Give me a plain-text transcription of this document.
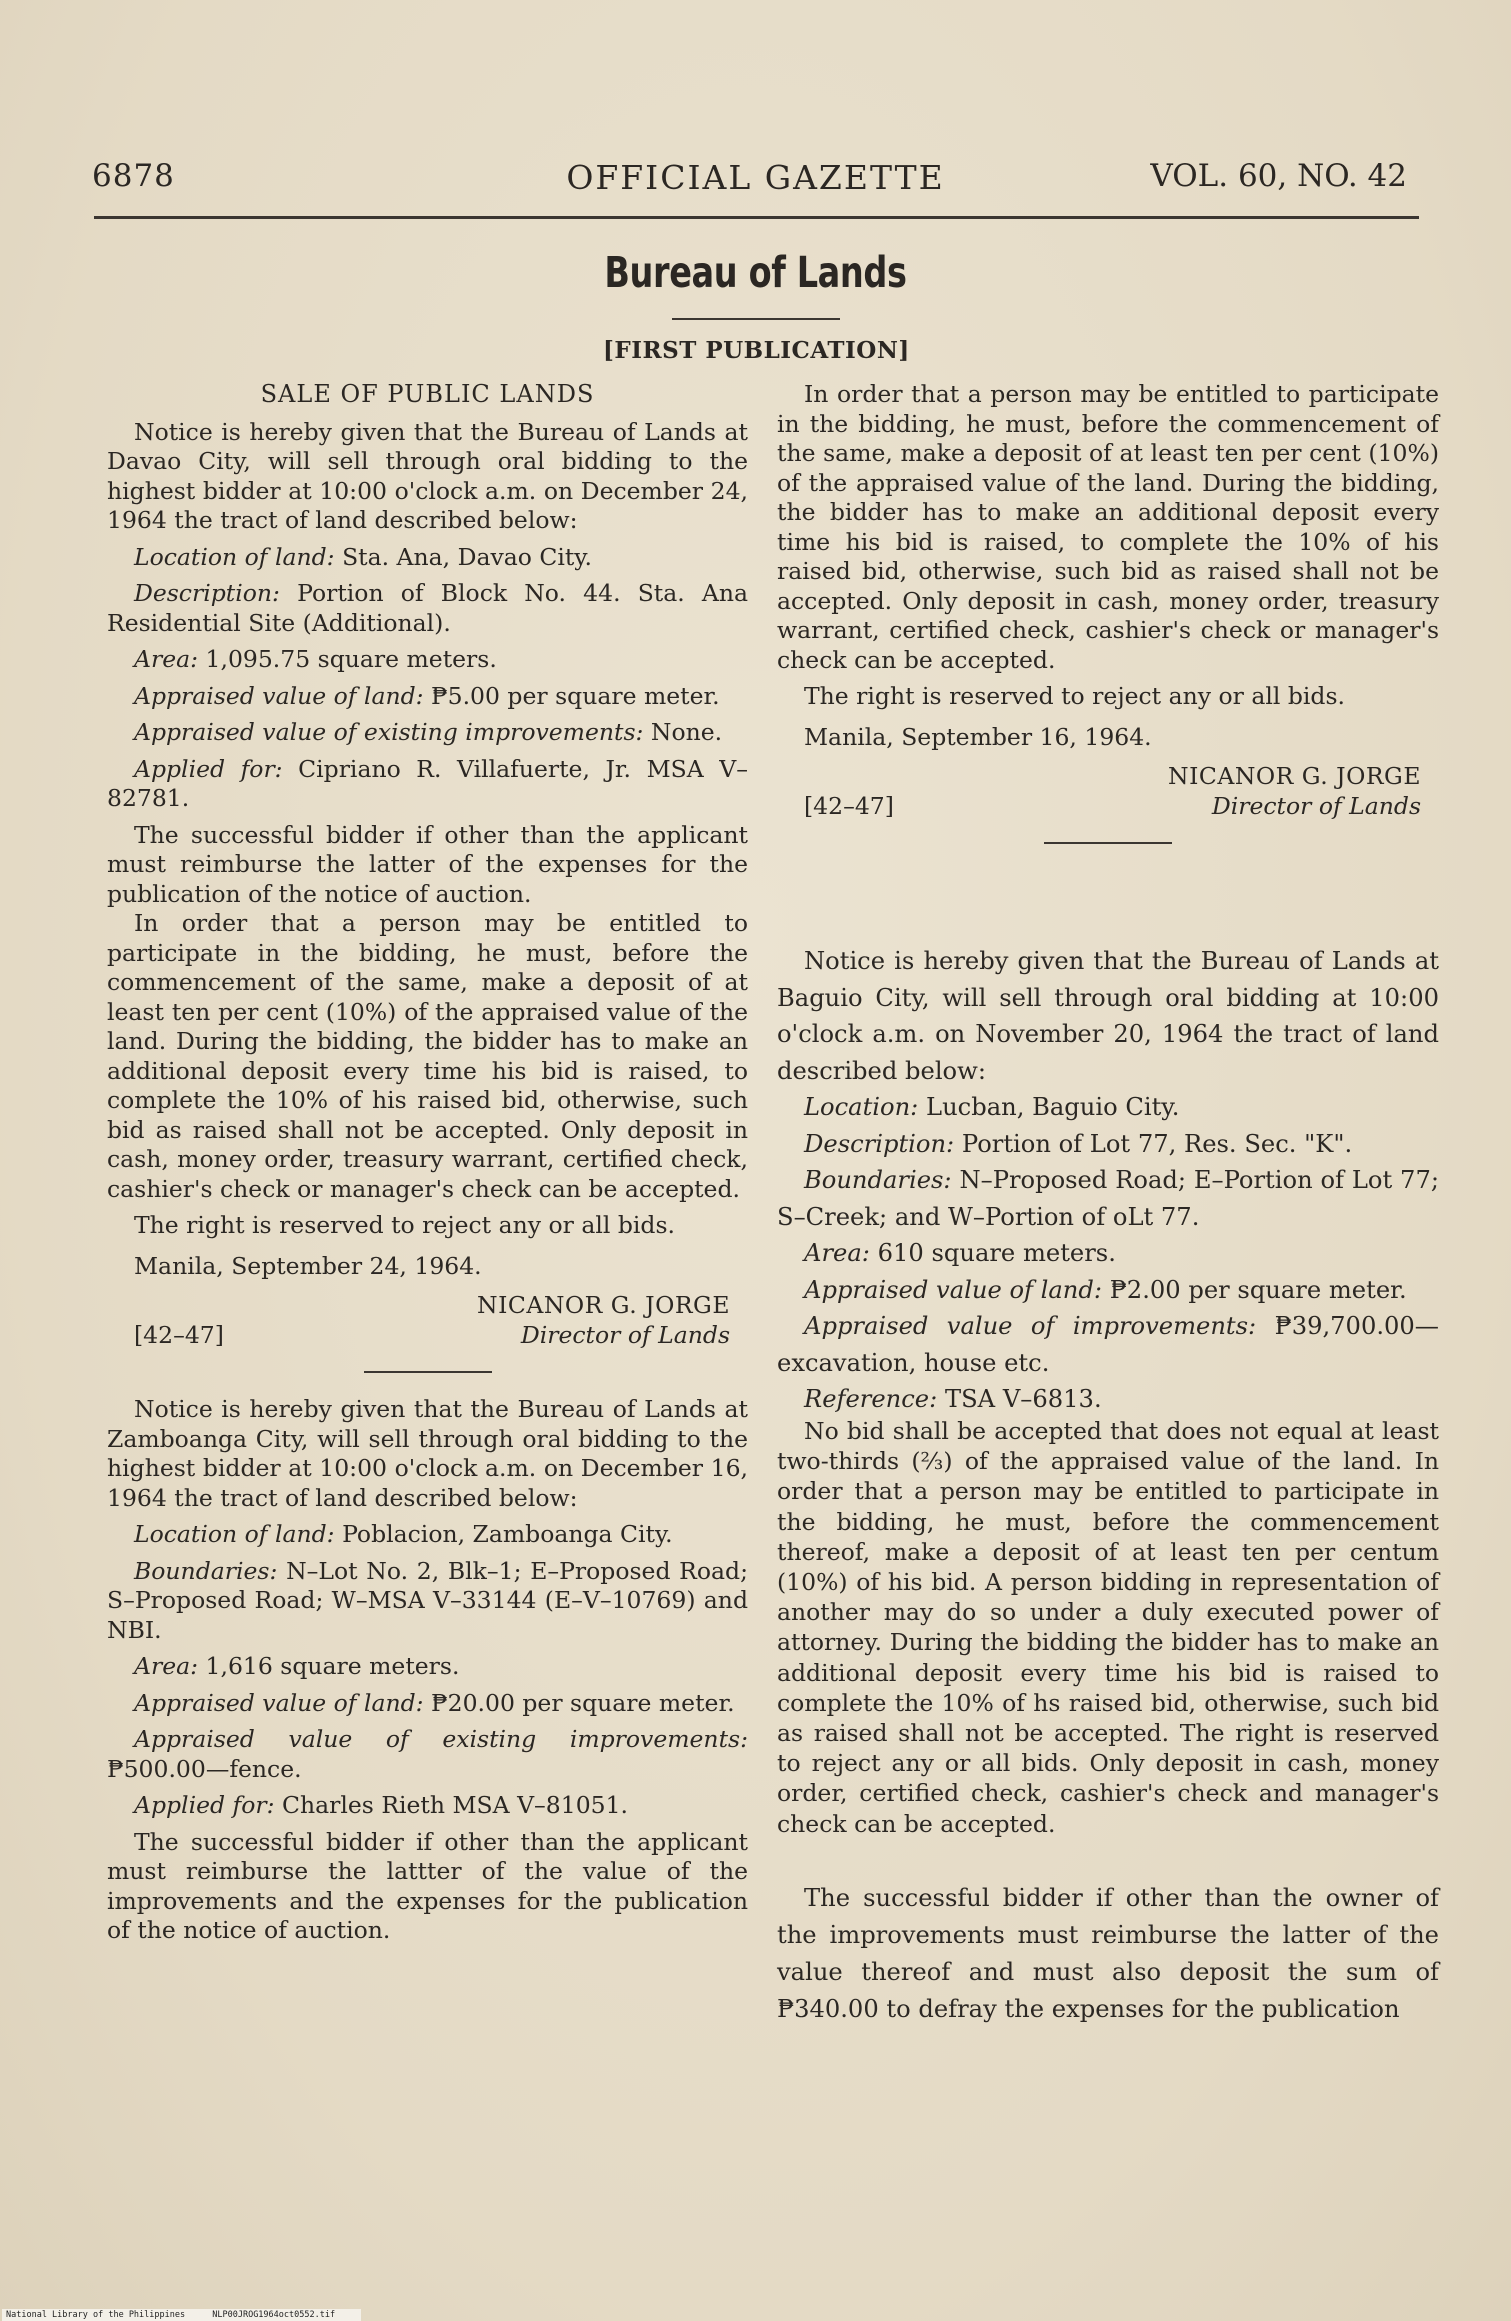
6878	OFFICIAL GAZETTE	VOL. 60, NO. 42
Bureau of Lands
[FIRST PUBLICATION]

SALE OF PUBLIC LANDS

Notice is hereby given that the Bureau of Lands at Davao City, will sell through oral bidding to the highest bidder at 10:00 o'clock a.m. on December 24, 1964 the tract of land described below:

Location of land: Sta. Ana, Davao City.

Description: Portion of Block No. 44. Sta. Ana Residential Site (Additional).

Area: 1,095.75 square meters.

Appraised value of land: ₱5.00 per square meter.

Appraised value of existing improvements: None.

Applied for: Cipriano R. Villafuerte, Jr. MSA V–82781.

The successful bidder if other than the applicant must reimburse the latter of the expenses for the publication of the notice of auction.

In order that a person may be entitled to participate in the bidding, he must, before the commencement of the same, make a deposit of at least ten per cent (10%) of the appraised value of the land. During the bidding, the bidder has to make an additional deposit every time his bid is raised, to complete the 10% of his raised bid, otherwise, such bid as raised shall not be accepted. Only deposit in cash, money order, treasury warrant, certified check, cashier's check or manager's check can be accepted.

The right is reserved to reject any or all bids.

Manila, September 24, 1964.

[42–47]
NICANOR G. JORGE
Director of Lands

Notice is hereby given that the Bureau of Lands at Zamboanga City, will sell through oral bidding to the highest bidder at 10:00 o'clock a.m. on December 16, 1964 the tract of land described below:

Location of land: Poblacion, Zamboanga City.

Boundaries: N–Lot No. 2, Blk–1; E–Proposed Road; S–Proposed Road; W–MSA V–33144 (E–V–10769) and NBI.

Area: 1,616 square meters.

Appraised value of land: ₱20.00 per square meter.

Appraised value of existing improvements: ₱500.00—fence.

Applied for: Charles Rieth MSA V–81051.

The successful bidder if other than the applicant must reimburse the lattter of the value of the improvements and the expenses for the publication of the notice of auction.

In order that a person may be entitled to participate in the bidding, he must, before the commencement of the same, make a deposit of at least ten per cent (10%) of the appraised value of the land. During the bidding, the bidder has to make an additional deposit every time his bid is raised, to complete the 10% of his raised bid, otherwise, such bid as raised shall not be accepted. Only deposit in cash, money order, treasury warrant, certified check, cashier's check or manager's check can be accepted.

The right is reserved to reject any or all bids.

Manila, September 16, 1964.

[42–47]
NICANOR G. JORGE
Director of Lands

Notice is hereby given that the Bureau of Lands at Baguio City, will sell through oral bidding at 10:00 o'clock a.m. on November 20, 1964 the tract of land described below:

Location: Lucban, Baguio City.

Description: Portion of Lot 77, Res. Sec. "K".

Boundaries: N–Proposed Road; E–Portion of Lot 77; S–Creek; and W–Portion of oLt 77.

Area: 610 square meters.

Appraised value of land: ₱2.00 per square meter.

Appraised value of improvements: ₱39,700.00—excavation, house etc.

Reference: TSA V–6813.

No bid shall be accepted that does not equal at least two-thirds (⅔) of the appraised value of the land. In order that a person may be entitled to participate in the bidding, he must, before the commencement thereof, make a deposit of at least ten per centum (10%) of his bid. A person bidding in representation of another may do so under a duly executed power of attorney. During the bidding the bidder has to make an additional deposit every time his bid is raised to complete the 10% of hs raised bid, otherwise, such bid as raised shall not be accepted. The right is reserved to reject any or all bids. Only deposit in cash, money order, certified check, cashier's check and manager's check can be accepted.

The successful bidder if other than the owner of the improvements must reimburse the latter of the value thereof and must also deposit the sum of ₱340.00 to defray the expenses for the publication

National Library of the Philippines	NLP00JROG1964oct0552.tif
